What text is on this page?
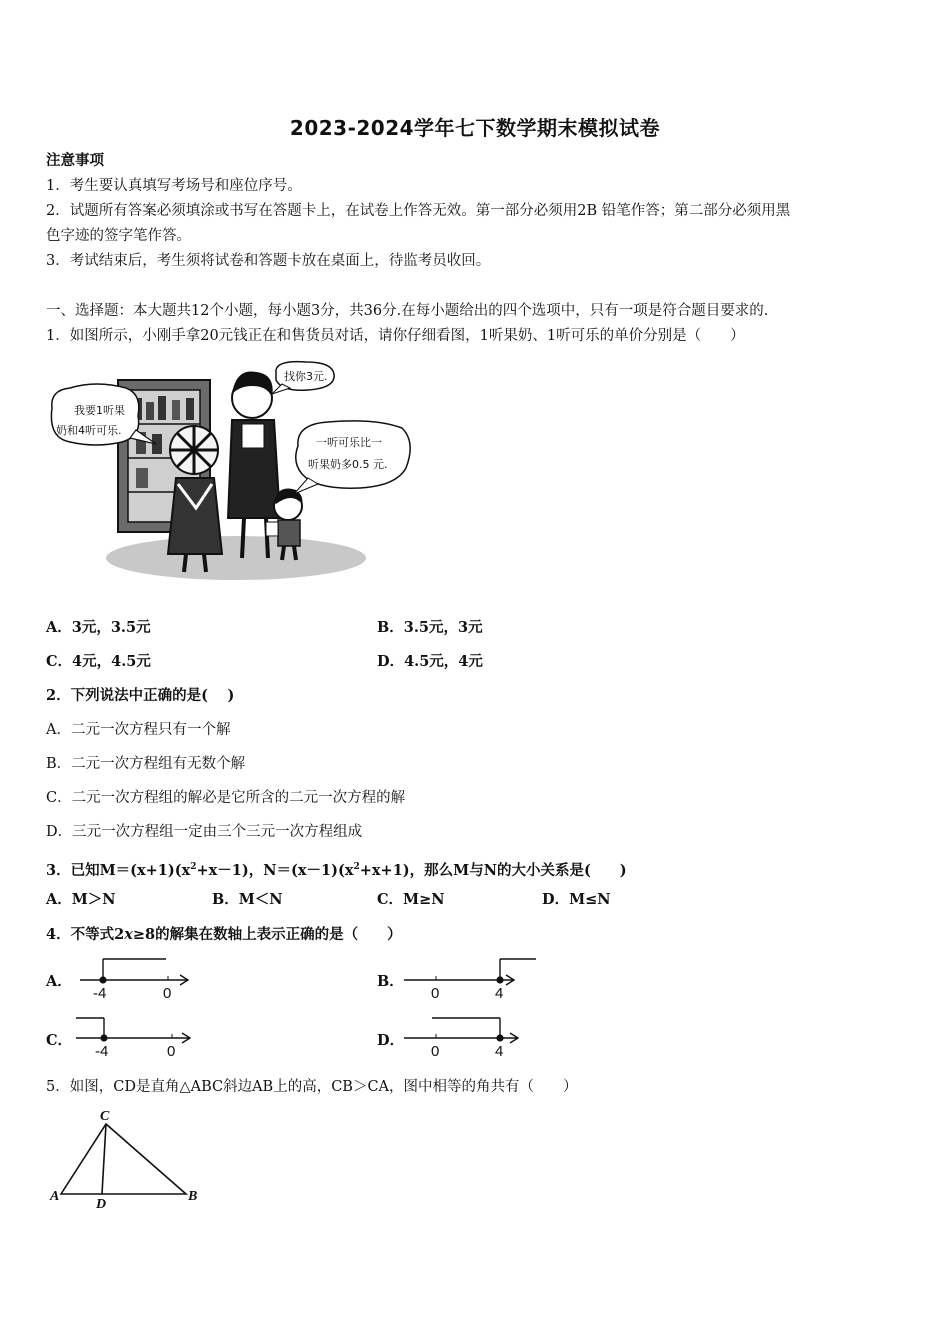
2023-2024学年七下数学期末模拟试卷
注意事项
1．考生要认真填写考场号和座位序号。
2．试题所有答案必须填涂或书写在答题卡上，在试卷上作答无效。第一部分必须用2B 铅笔作答；第二部分必须用黑
色字迹的签字笔作答。
3．考试结束后，考生须将试卷和答题卡放在桌面上，待监考员收回。
一、选择题：本大题共12个小题，每小题3分，共36分.在每小题给出的四个选项中，只有一项是符合题目要求的.
1．如图所示，小刚手拿20元钱正在和售货员对话，请你仔细看图，1听果奶、1听可乐的单价分别是（　　）
我要1听果
奶和4听可乐.
找你3元.
一听可乐比一
听果奶多0.5 元.
A．3元，3.5元	B．3.5元，3元
C．4元，4.5元	D．4.5元，4元
2．下列说法中正确的是(　 )
A．二元一次方程只有一个解
B．二元一次方程组有无数个解
C．二元一次方程组的解必是它所含的二元一次方程的解
D．三元一次方程组一定由三个三元一次方程组成
3．已知$M=(x+1)(x^2+x-1)$，$N=(x-1)(x^2+x+1)$，那么M与N的大小关系是(　　)
A．M＞N	B．M＜N	C．M≥N	D．M≤N
4．不等式2x≥8的解集在数轴上表示正确的是（　　）
A．
-4	0
B．
0	4
C．
-4	0
D．
0	4
5．如图，CD是直角△ABC斜边AB上的高，CB＞CA，图中相等的角共有（　　）
C
A
D
B
